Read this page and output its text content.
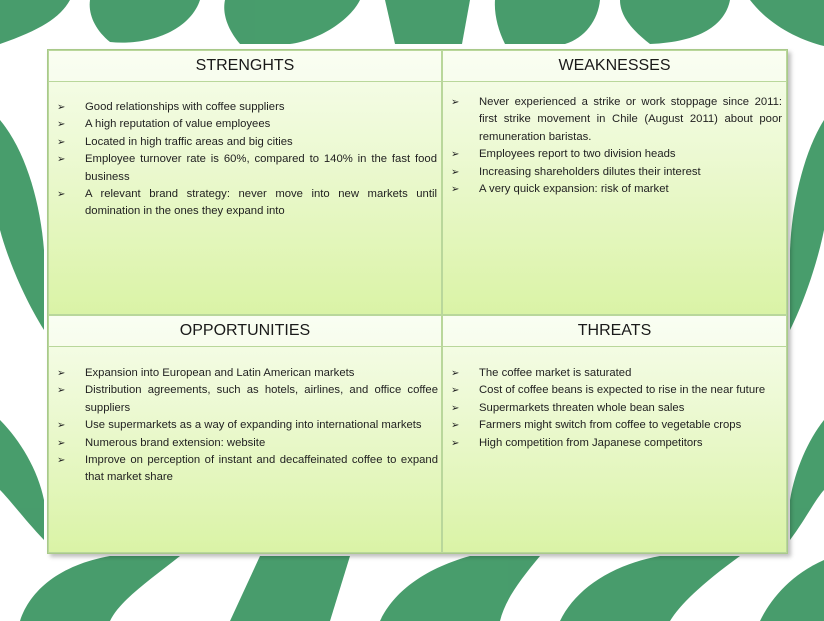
STRENGHTS
➢ Good relationships with coffee suppliers
➢ A high reputation of value employees
➢ Located in high traffic areas and big cities
➢ Employee turnover rate is 60%, compared to 140% in the fast food business
➢ A relevant brand strategy: never move into new markets until domination in the ones they expand into
WEAKNESSES
➢ Never experienced a strike or work stoppage since 2011: first strike movement in Chile (August 2011) about poor remuneration baristas.
➢ Employees report to two division heads
➢ Increasing shareholders dilutes their interest
➢ A very quick expansion: risk of market
OPPORTUNITIES
➢ Expansion into European and Latin American markets
➢ Distribution agreements, such as hotels, airlines, and office coffee suppliers
➢ Use supermarkets as a way of expanding into international markets
➢ Numerous brand extension: website
➢ Improve on perception of instant and decaffeinated coffee to expand that market share
THREATS
➢ The coffee market is saturated
➢ Cost of coffee beans is expected to rise in the near future
➢ Supermarkets threaten whole bean sales
➢ Farmers might switch from coffee to vegetable crops
➢ High competition from Japanese competitors
